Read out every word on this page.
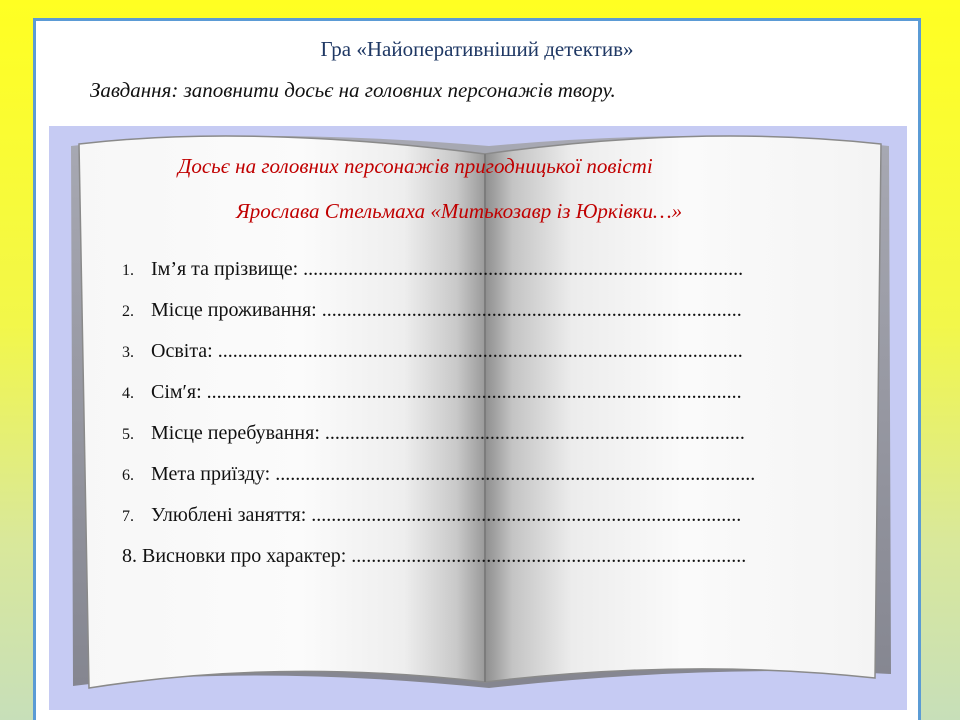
Гра «Найоперативніший детектив»
Завдання: заповнити досьє на головних персонажів твору.
Досьє на головних персонажів пригодницької повісті
Ярослава Стельмаха «Митькозавр із Юрківки…»
1. Ім’я та прізвище: ........................................................................................
2. Місце проживання: ....................................................................................
3. Освіта: .........................................................................................................
4. Сім′я: ...........................................................................................................
5. Місце перебування: ....................................................................................
6. Мета приїзду: ................................................................................................
7. Улюблені заняття: ......................................................................................
8. Висновки про характер: ...............................................................................
